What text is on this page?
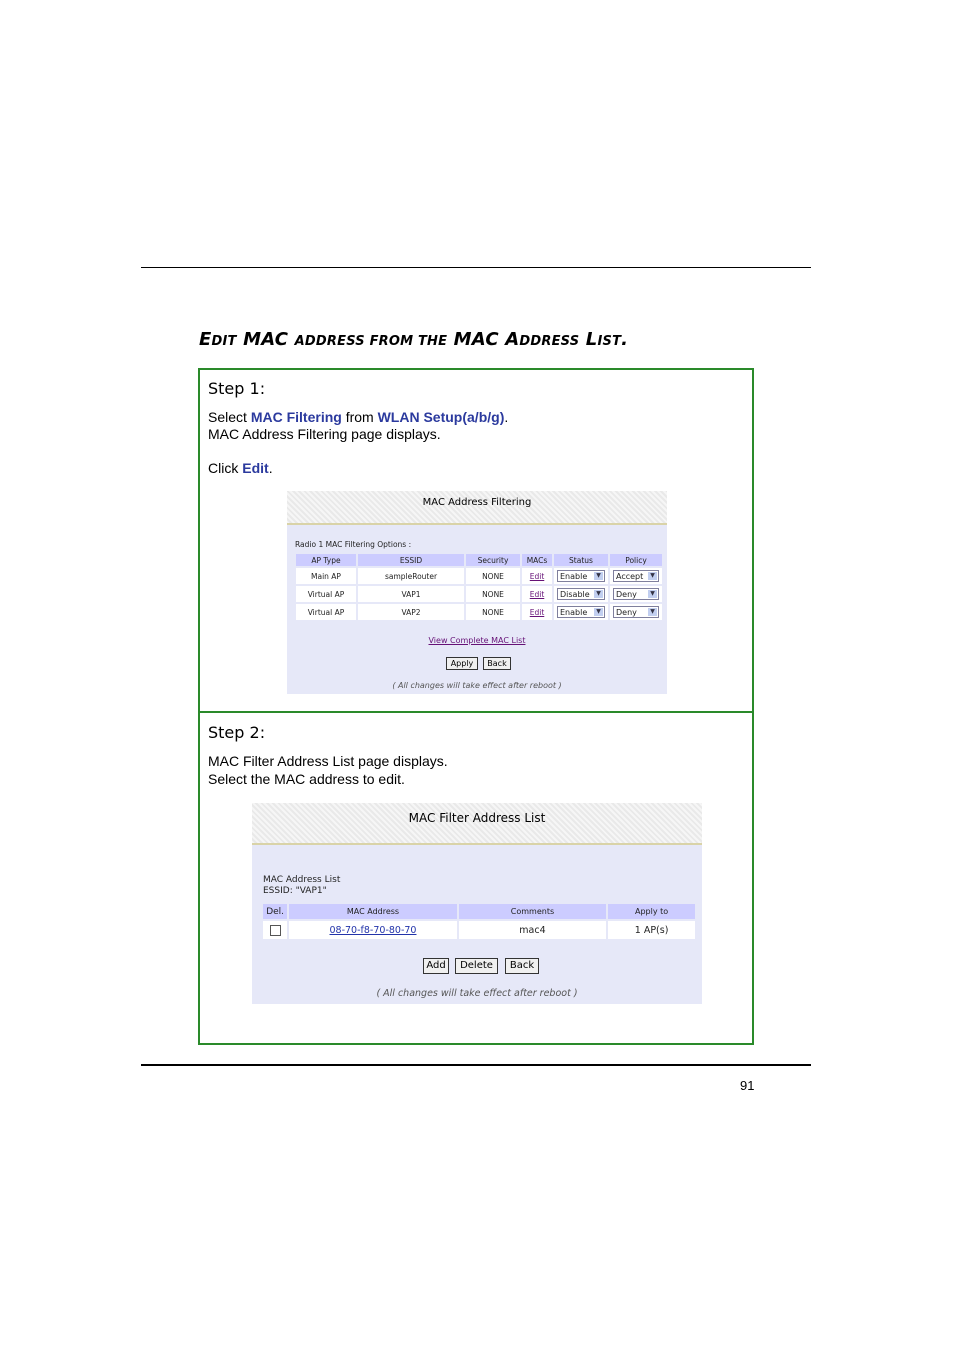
EDIT MAC ADDRESS FROM THE MAC ADDRESS LIST.
Step 1:
Select MAC Filtering from WLAN Setup(a/b/g).
MAC Address Filtering page displays.
Click Edit.
MAC Address Filtering
Radio 1 MAC Filtering Options :
AP Type	ESSID	Security	MACs	Status	Policy
Main AP	sampleRouter	NONE	Edit	Enable ▼	Accept ▼

Virtual AP	VAP1	NONE	Edit	Disable ▼	Deny ▼

Virtual AP	VAP2	NONE	Edit	Enable ▼	Deny ▼
View Complete MAC List
Apply	Back
( All changes will take effect after reboot )
Step 2:
MAC Filter Address List page displays.
Select the MAC address to edit.
MAC Filter Address List
MAC Address List
ESSID: "VAP1"
Del.	MAC Address	Comments	Apply to
	08-70-f8-70-80-70	mac4	1 AP(s)
Add	Delete	Back
( All changes will take effect after reboot )
91
